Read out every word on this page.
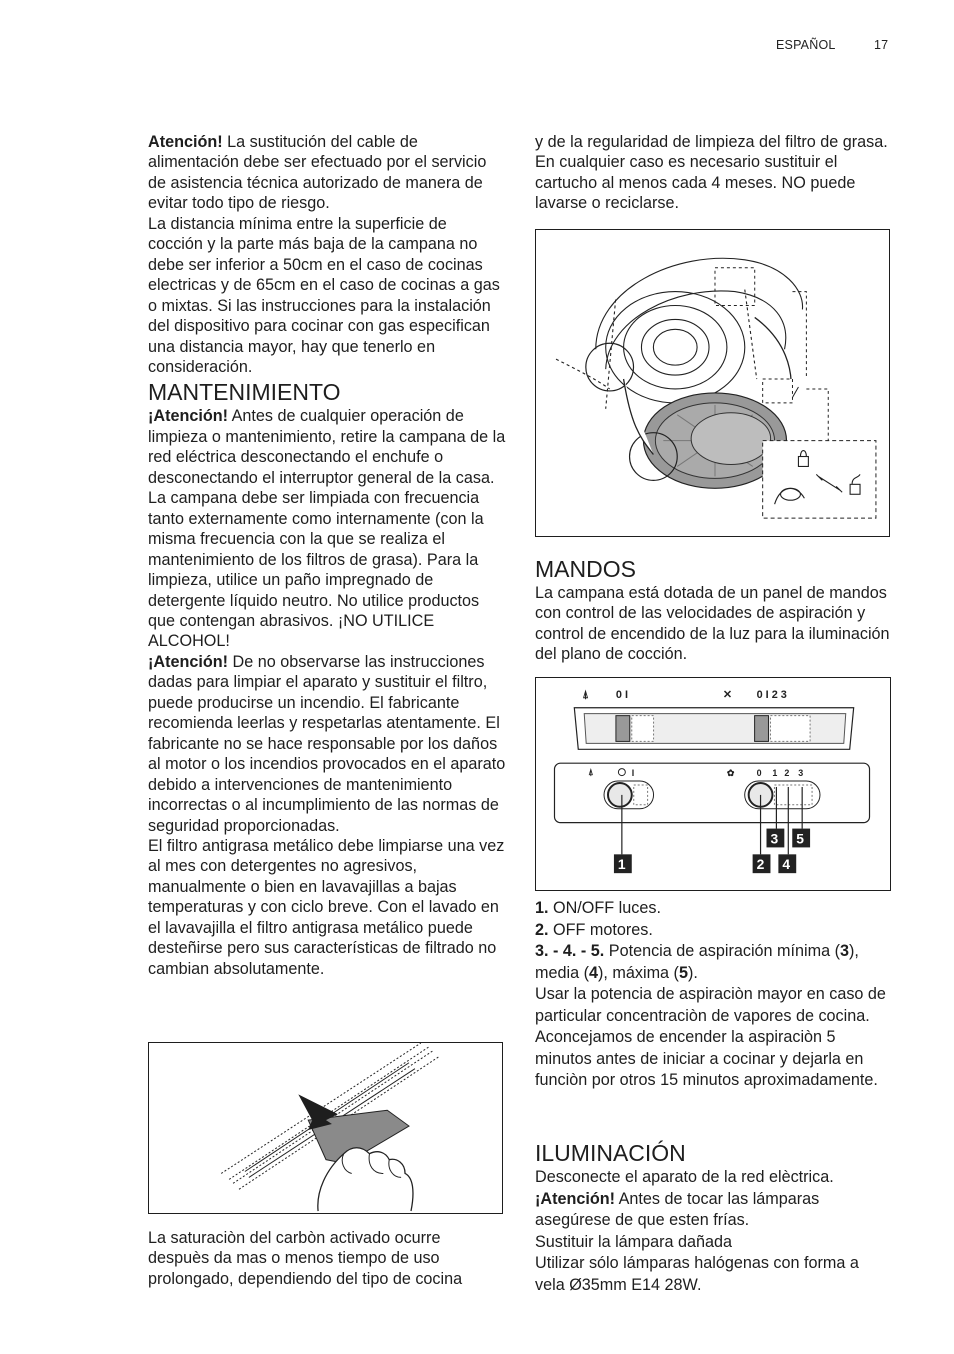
ESPAÑOL	17

Atención! La sustitución del cable de alimentación debe ser efectuado por el servicio de asistencia técnica autorizado de manera de evitar todo tipo de riesgo.

La distancia mínima entre la superficie de cocción y la parte más baja de la campana no debe ser inferior a 50cm en el caso de cocinas electricas y de 65cm en el caso de cocinas a gas o mixtas. Si las instrucciones para la instalación del dispositivo para cocinar con gas especifican una distancia mayor, hay que tenerlo en consideración.

MANTENIMIENTO

¡Atención! Antes de cualquier operación de limpieza o mantenimiento, retire la campana de la red eléctrica desconectando el enchufe o desconectando el interruptor general de la casa. La campana debe ser limpiada con frecuencia tanto externamente como internamente (con la misma frecuencia con la que se realiza el mantenimiento de los filtros de grasa). Para la limpieza, utilice un paño impregnado de detergente líquido neutro. No utilice productos que contengan abrasivos. ¡NO UTILICE ALCOHOL!

¡Atención! De no observarse las instrucciones dadas para limpiar el aparato y sustituir el filtro, puede producirse un incendio. El fabricante recomienda leerlas y respetarlas atentamente. El fabricante no se hace responsable por los daños al motor o los incendios provocados en el aparato debido a intervenciones de mantenimiento incorrectas o al incumplimiento de las normas de seguridad proporcionadas.

El filtro antigrasa metálico debe limpiarse una vez al mes con detergentes no agresivos, manualmente o bien en lavavajillas a bajas temperaturas y con ciclo breve. Con el lavado en el lavavajilla el filtro antigrasa metálico puede desteñirse pero sus características de filtrado no cambian absolutamente.

La saturaciòn del carbòn activado ocurre despuès da mas o menos tiempo de uso prolongado, dependiendo del tipo de cocina

y de la regularidad de limpieza del filtro de grasa. En cualquier caso es necesario sustituir el cartucho al menos cada 4 meses. NO puede lavarse o reciclarse.

MANDOS

La campana está dotada de un panel de mandos con control de las velocidades de aspiración y control de encendido de la luz para la iluminación del plano de cocción.

⍋ 0 I	✕ 0 I 2 3
⍋	I	✿ 0 1 2 3
1	2
3
4
5

1. ON/OFF luces.

2. OFF motores.

3. - 4. - 5. Potencia de aspiración mínima (3), media (4), máxima (5).

Usar la potencia de aspiraciòn mayor en caso de particular concentraciòn de vapores de cocina. Aconcejamos de encender la aspiraciòn 5 minutos antes de iniciar a cocinar y dejarla en funciòn por otros 15 minutos aproximadamente.

ILUMINACIÓN

Desconecte el aparato de la red elèctrica.

¡Atención! Antes de tocar las lámparas asegúrese de que esten frías.

Sustituir la lámpara dañada

Utilizar sólo lámparas halógenas con forma a vela Ø35mm E14 28W.
